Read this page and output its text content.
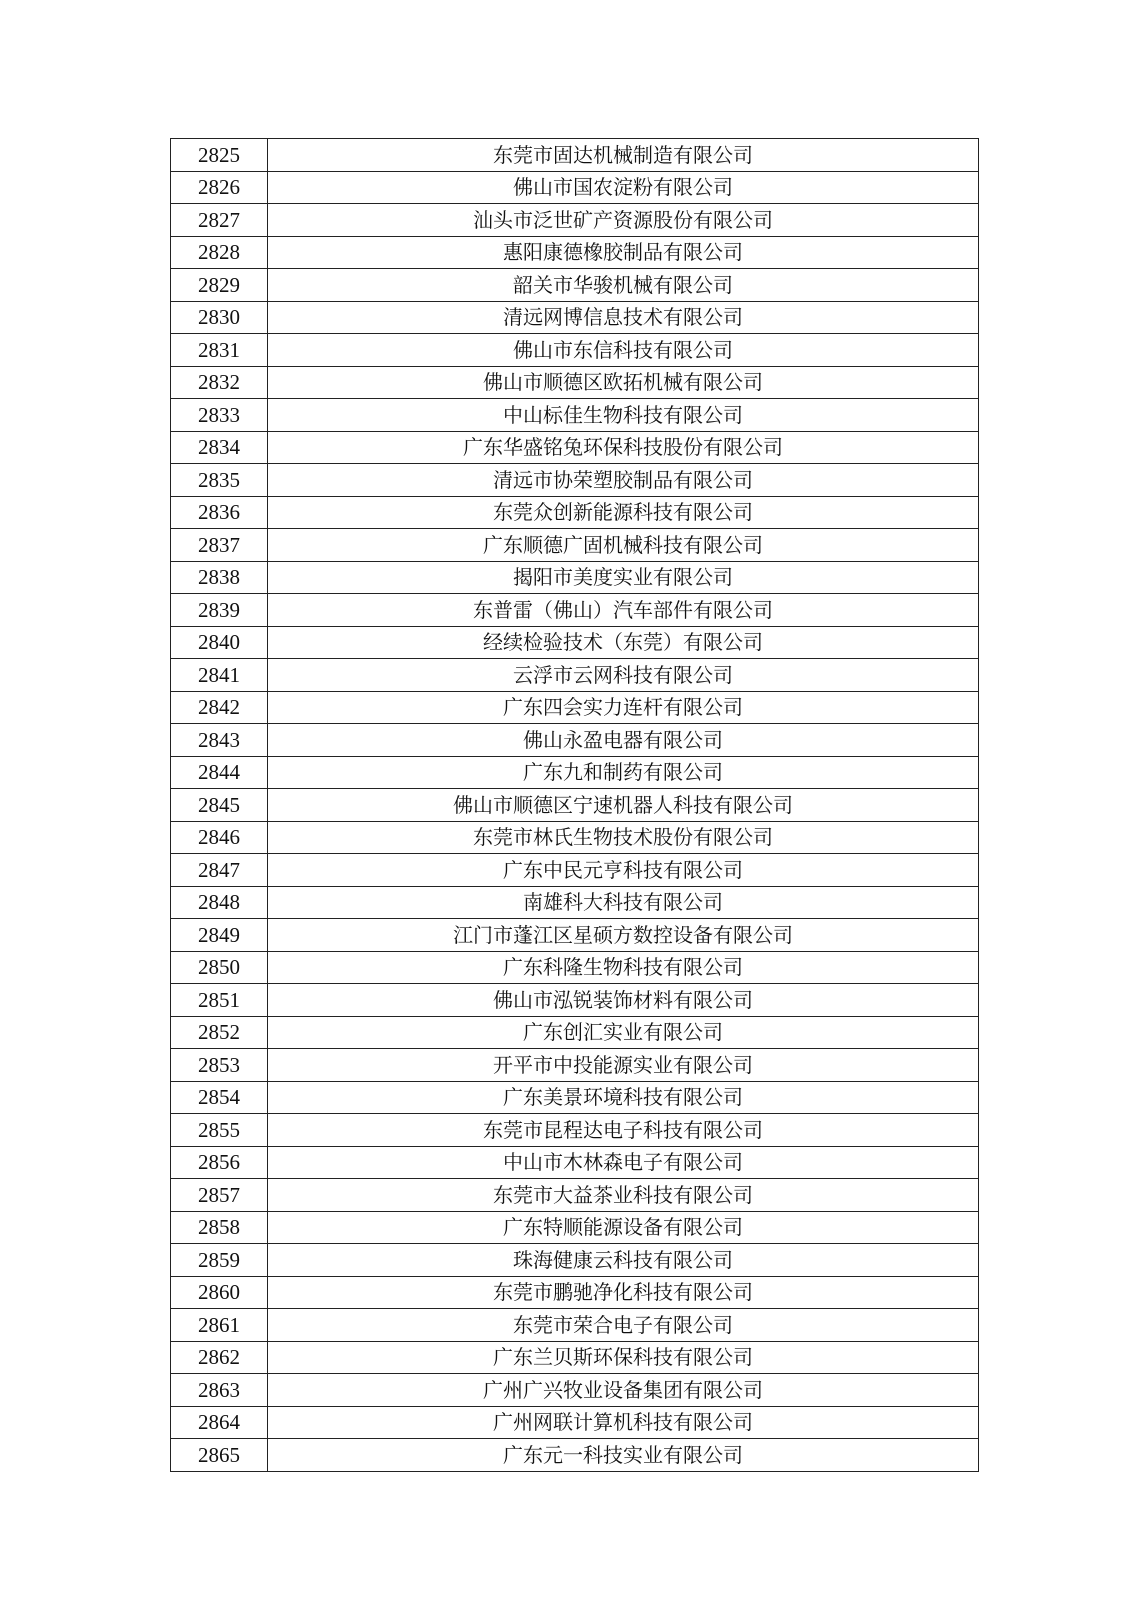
2825	东莞市固达机械制造有限公司
2826	佛山市国农淀粉有限公司
2827	汕头市泛世矿产资源股份有限公司
2828	惠阳康德橡胶制品有限公司
2829	韶关市华骏机械有限公司
2830	清远网博信息技术有限公司
2831	佛山市东信科技有限公司
2832	佛山市顺德区欧拓机械有限公司
2833	中山标佳生物科技有限公司
2834	广东华盛铭兔环保科技股份有限公司
2835	清远市协荣塑胶制品有限公司
2836	东莞众创新能源科技有限公司
2837	广东顺德广固机械科技有限公司
2838	揭阳市美度实业有限公司
2839	东普雷（佛山）汽车部件有限公司
2840	经续检验技术（东莞）有限公司
2841	云浮市云网科技有限公司
2842	广东四会实力连杆有限公司
2843	佛山永盈电器有限公司
2844	广东九和制药有限公司
2845	佛山市顺德区宁速机器人科技有限公司
2846	东莞市林氏生物技术股份有限公司
2847	广东中民元亨科技有限公司
2848	南雄科大科技有限公司
2849	江门市蓬江区星硕方数控设备有限公司
2850	广东科隆生物科技有限公司
2851	佛山市泓锐装饰材料有限公司
2852	广东创汇实业有限公司
2853	开平市中投能源实业有限公司
2854	广东美景环境科技有限公司
2855	东莞市昆程达电子科技有限公司
2856	中山市木林森电子有限公司
2857	东莞市大益茶业科技有限公司
2858	广东特顺能源设备有限公司
2859	珠海健康云科技有限公司
2860	东莞市鹏驰净化科技有限公司
2861	东莞市荣合电子有限公司
2862	广东兰贝斯环保科技有限公司
2863	广州广兴牧业设备集团有限公司
2864	广州网联计算机科技有限公司
2865	广东元一科技实业有限公司
